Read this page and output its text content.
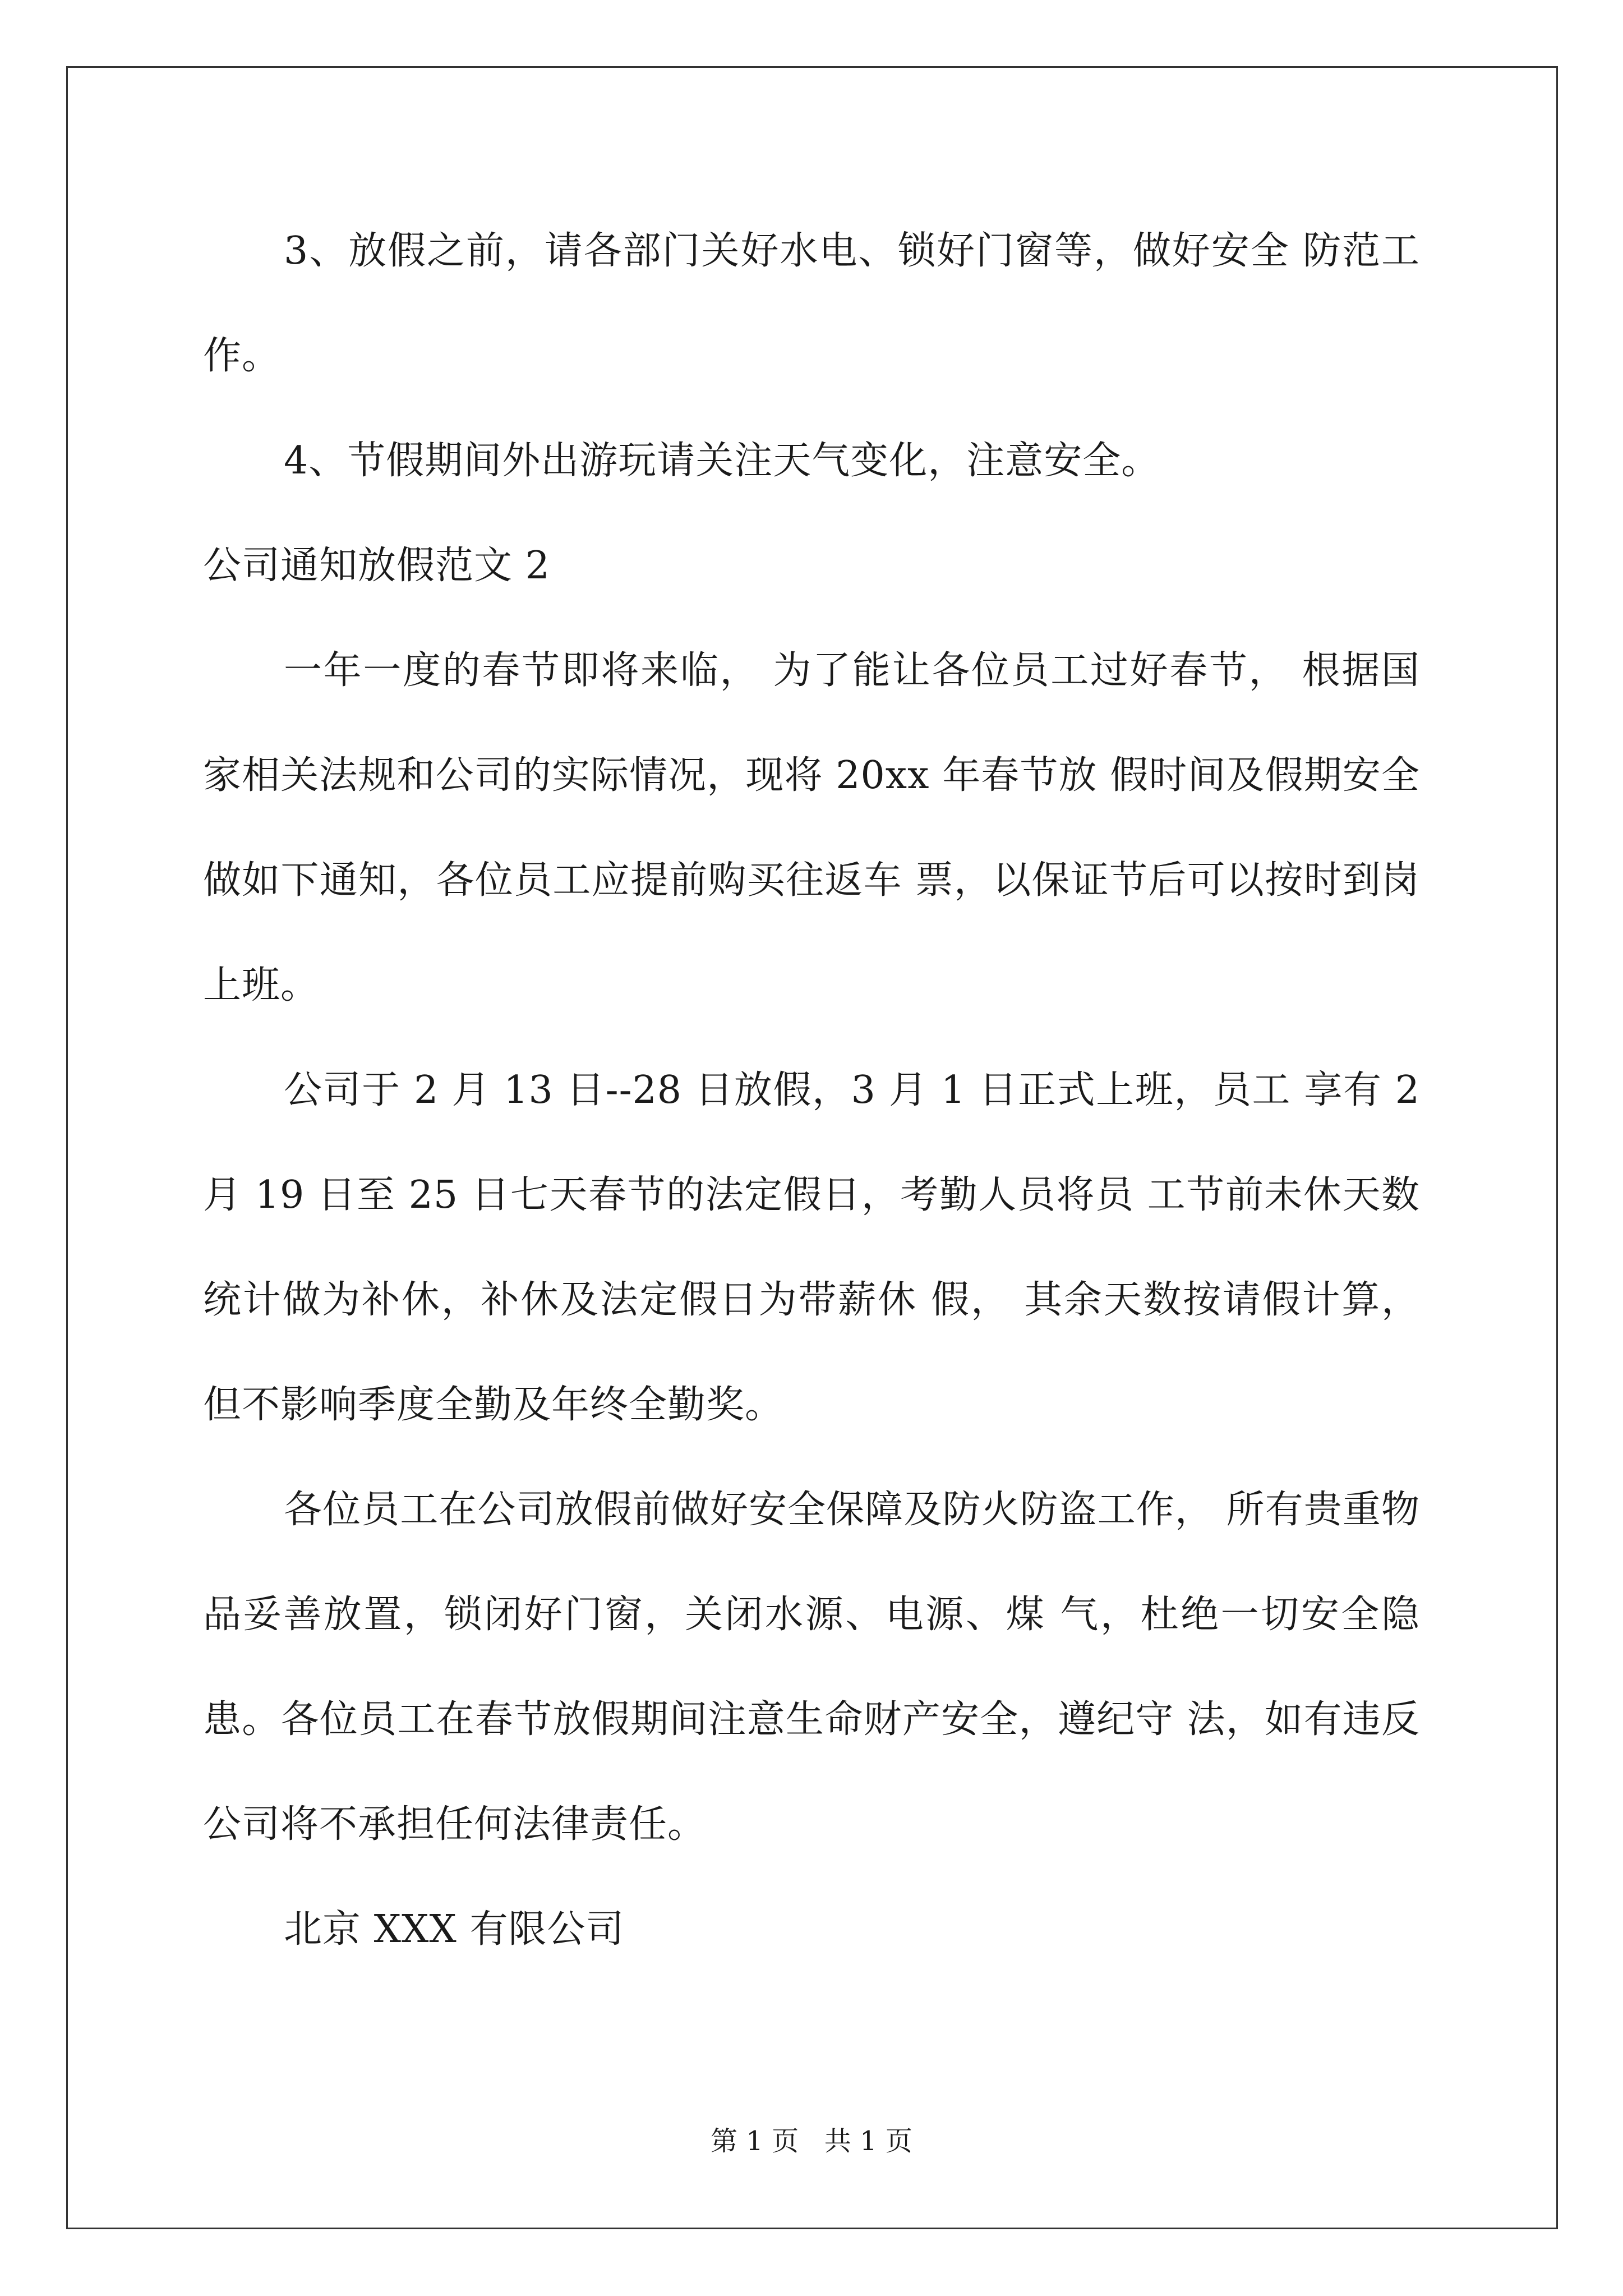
3、放假之前，请各部门关好水电、锁好门窗等，做好安全 防范工作。

4、节假期间外出游玩请关注天气变化，注意安全。

公司通知放假范文 2

一年一度的春节即将来临， 为了能让各位员工过好春节， 根据国家相关法规和公司的实际情况，现将 20xx 年春节放 假时间及假期安全做如下通知，各位员工应提前购买往返车 票，以保证节后可以按时到岗上班。

公司于 2 月 13 日--28 日放假，3 月 1 日正式上班，员工 享有 2 月 19 日至 25 日七天春节的法定假日，考勤人员将员 工节前未休天数统计做为补休，补休及法定假日为带薪休 假， 其余天数按请假计算， 但不影响季度全勤及年终全勤奖。

各位员工在公司放假前做好安全保障及防火防盗工作， 所有贵重物品妥善放置，锁闭好门窗，关闭水源、电源、煤 气，杜绝一切安全隐患。各位员工在春节放假期间注意生命财产安全，遵纪守 法，如有违反公司将不承担任何法律责任。

北京 XXX 有限公司

第 1 页   共 1 页
